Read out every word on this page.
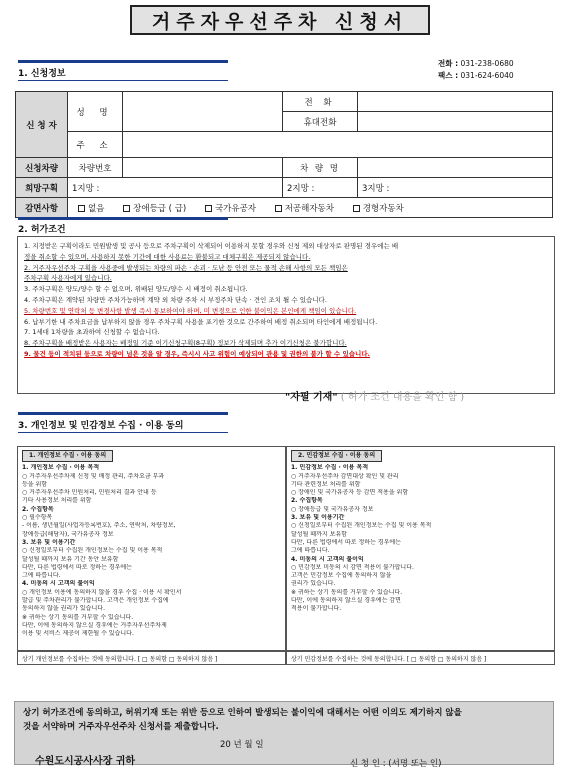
거주자우선주차 신청서
전화 : 031-238-0680
팩스 : 031-624-6040
1. 신청정보
신 청 자	성 명		전 화	
			휴대전화	
	주 소			
신청차량	차량번호		차 량 명	
희망구획	1지망 :		2지망 :	3지망 :
감면사항	없음 장애등급 ( 급) 국가유공자 저공해자동차 경형자동차			
2. 허가조건

1. 지정받은 구획이라도 민원발생 및 공사 등으로 주차구획이 삭제되어 이용하지 못할 경우와 신청 제외 대상자로 판명된 경우에는 배

정을 취소할 수 있으며, 사용하지 못한 기간에 대한 사용료는 환불되고 대체구획은 제공되지 않습니다.

2. 거주자우선주차 구획을 사용중에 발생되는 차량의 파손 · 손괴 · 도난 등 안전 또는 물적 손해 사항의 모든 책임은

주차구획 사용자에게 있습니다.

3. 주차구획은 양도/양수 할 수 없으며, 위배된 양도/양수 시 배정이 취소됩니다.

4. 주차구획은 계약된 차량만 주차가능하며 계약 외 차량 주차 시 부정주차 단속 · 견인 조치 될 수 있습니다.

5. 차량번호 및 연락처 등 변경사항 발생 즉시 통보하여야 하며, 미 변경으로 인한 불이익은 본인에게 책임이 있습니다.

6. 납부기한 내 주차요금을 납부하지 않을 경우 주차구획 사용을 포기한 것으로 간주하여 배정 취소되며 타인에게 배정됩니다.

7. 1세대 1차량을 초과하여 신청할 수 없습니다.

8. 주차구획을 배정받은 사용자는 배정일 기준 이기신청구획(8구획) 정보가 삭제되며 추가 이기신청은 불가합니다.

9. 물건 등이 적치된 등으로 차량이 넘은 것을 알 경우, 즉시시 사고 위험이 예상되어 관용 및 권한의 불가 할 수 있습니다.

"자필 기재" ( 허가 조건 내용을 확인 함 )
3. 개인정보 및 민감정보 수집 · 이용 동의
1. 개인정보 수집 · 이용 동의

1. 개인정보 수집 · 이용 목적

○ 거주자우선주차제 신청 및 배정 관리, 주차요금 부과

등을 위함

○ 거주자우선주차 민원처리, 민원처리 결과 안내 등

기타 사용정보 처리를 위함

2. 수집항목

○ 필수항목

- 이름, 생년월일(사업자등록번호), 주소, 연락처, 차량정보,

장애등급(해당자), 국가유공자 정보

3. 보유 및 이용기간

○ 신청일로부터 수집된 개인정보는 수집 및 이용 목적

달성될 때까지 보유 기간 동안 보유함

다만, 다른 법령에서 따로 정하는 경우에는

그에 따릅니다.

4. 미동의 시 고객의 불이익

○ 개인정보 이용에 동의하지 않을 경우 수집 · 이용 시 확인서

발급 및 주차관리가 불가합니다. 고객은 개인정보 수집에

동의하지 않을 권리가 있습니다.

※ 귀하는 상기 동의를 거부할 수 있습니다.

다만, 이에 동의하지 않으실 경우에는 거주자우선주차제

이용 및 서비스 제공이 제한될 수 있습니다.

상기 개인정보를 수집하는 것에 동의합니다. [ □ 동의함 □ 동의하지 않음 ]
2. 민감정보 수집 · 이용 동의

1. 민감정보 수집 · 이용 목적

○ 거주자우선주차 감면대상 확인 및 관리

기타 관련정보 처리를 위함

○ 장애인 및 국가유공자 등 감면 적용을 위함

2. 수집항목

○ 장애등급 및 국가유공자 정보

3. 보유 및 이용기간

○ 신청일로부터 수집된 개인정보는 수집 및 이용 목적

달성될 때까지 보유함

다만, 다른 법령에서 따로 정하는 경우에는

그에 따릅니다.

4. 미동의 시 고객의 불이익

○ 민감정보 미동의 시 감면 적용이 불가합니다.

고객은 민감정보 수집에 동의하지 않을

권리가 있습니다.

※ 귀하는 상기 동의를 거부할 수 있습니다.

다만, 이에 동의하지 않으실 경우에는 감면

적용이 불가합니다.

상기 민감정보를 수집하는 것에 동의합니다. [ □ 동의함 □ 동의하지 않음 ]
상기 허가조건에 동의하고, 허위기재 또는 위반 등으로 인하여 발생되는 불이익에 대해서는 어떤 이의도 제기하지 않을
것을 서약하며 거주자우선주차 신청서를 제출합니다.
20 년 월 일
수원도시공사사장 귀하	신 청 인 : (서명 또는 인)
